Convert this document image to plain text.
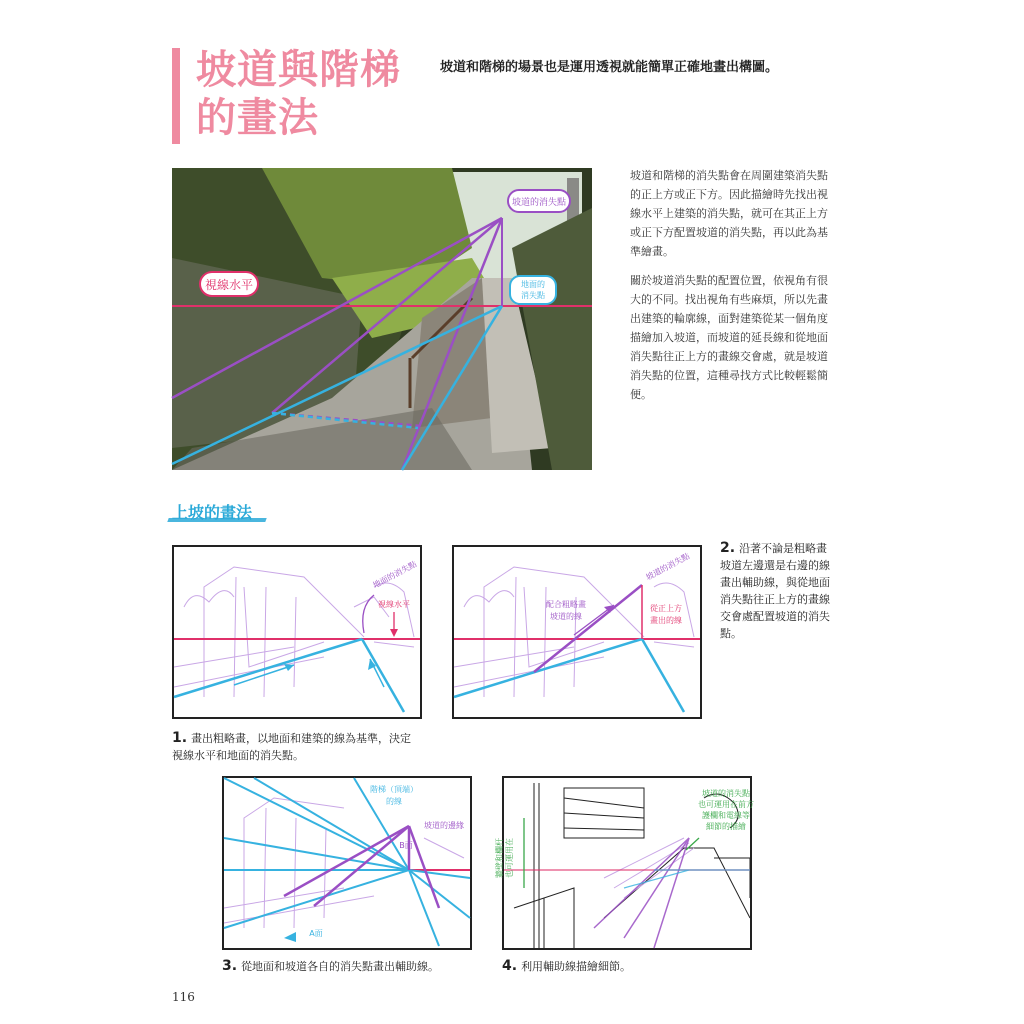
坡道與階梯
的畫法
坡道和階梯的場景也是運用透視就能簡單正確地畫出構圖。
視線水平
坡道的消失點
地面的
消失點

坡道和階梯的消失點會在周圍建築消失點的正上方或正下方。因此描繪時先找出視線水平上建築的消失點，就可在其正上方或正下方配置坡道的消失點，再以此為基準繪畫。

關於坡道消失點的配置位置，依視角有很大的不同。找出視角有些麻煩，所以先畫出建築的輪廓線，面對建築從某一個角度描繪加入坡道，而坡道的延長線和從地面消失點往正上方的畫線交會處，就是坡道消失點的位置，這種尋找方式比較輕鬆簡便。

上坡的畫法
地面的消失點
視線水平
坡道的消失點
配合粗略畫
坡道的線
從正上方
畫出的線
1. 畫出粗略畫，以地面和建築的線為基準，決定視線水平和地面的消失點。
2. 沿著不論是粗略畫坡道左邊還是右邊的線畫出輔助線，與從地面消失點往正上方的畫線交會處配置坡道的消失點。
階梯（頂端）
的線
坡道的邊緣
B面
A面
坡道的消失點
也可運用在前方
護欄和電線等
細節的描繪
也可運用在
牆壁和欄杆
3. 從地面和坡道各自的消失點畫出輔助線。	4. 利用輔助線描繪細節。
116
